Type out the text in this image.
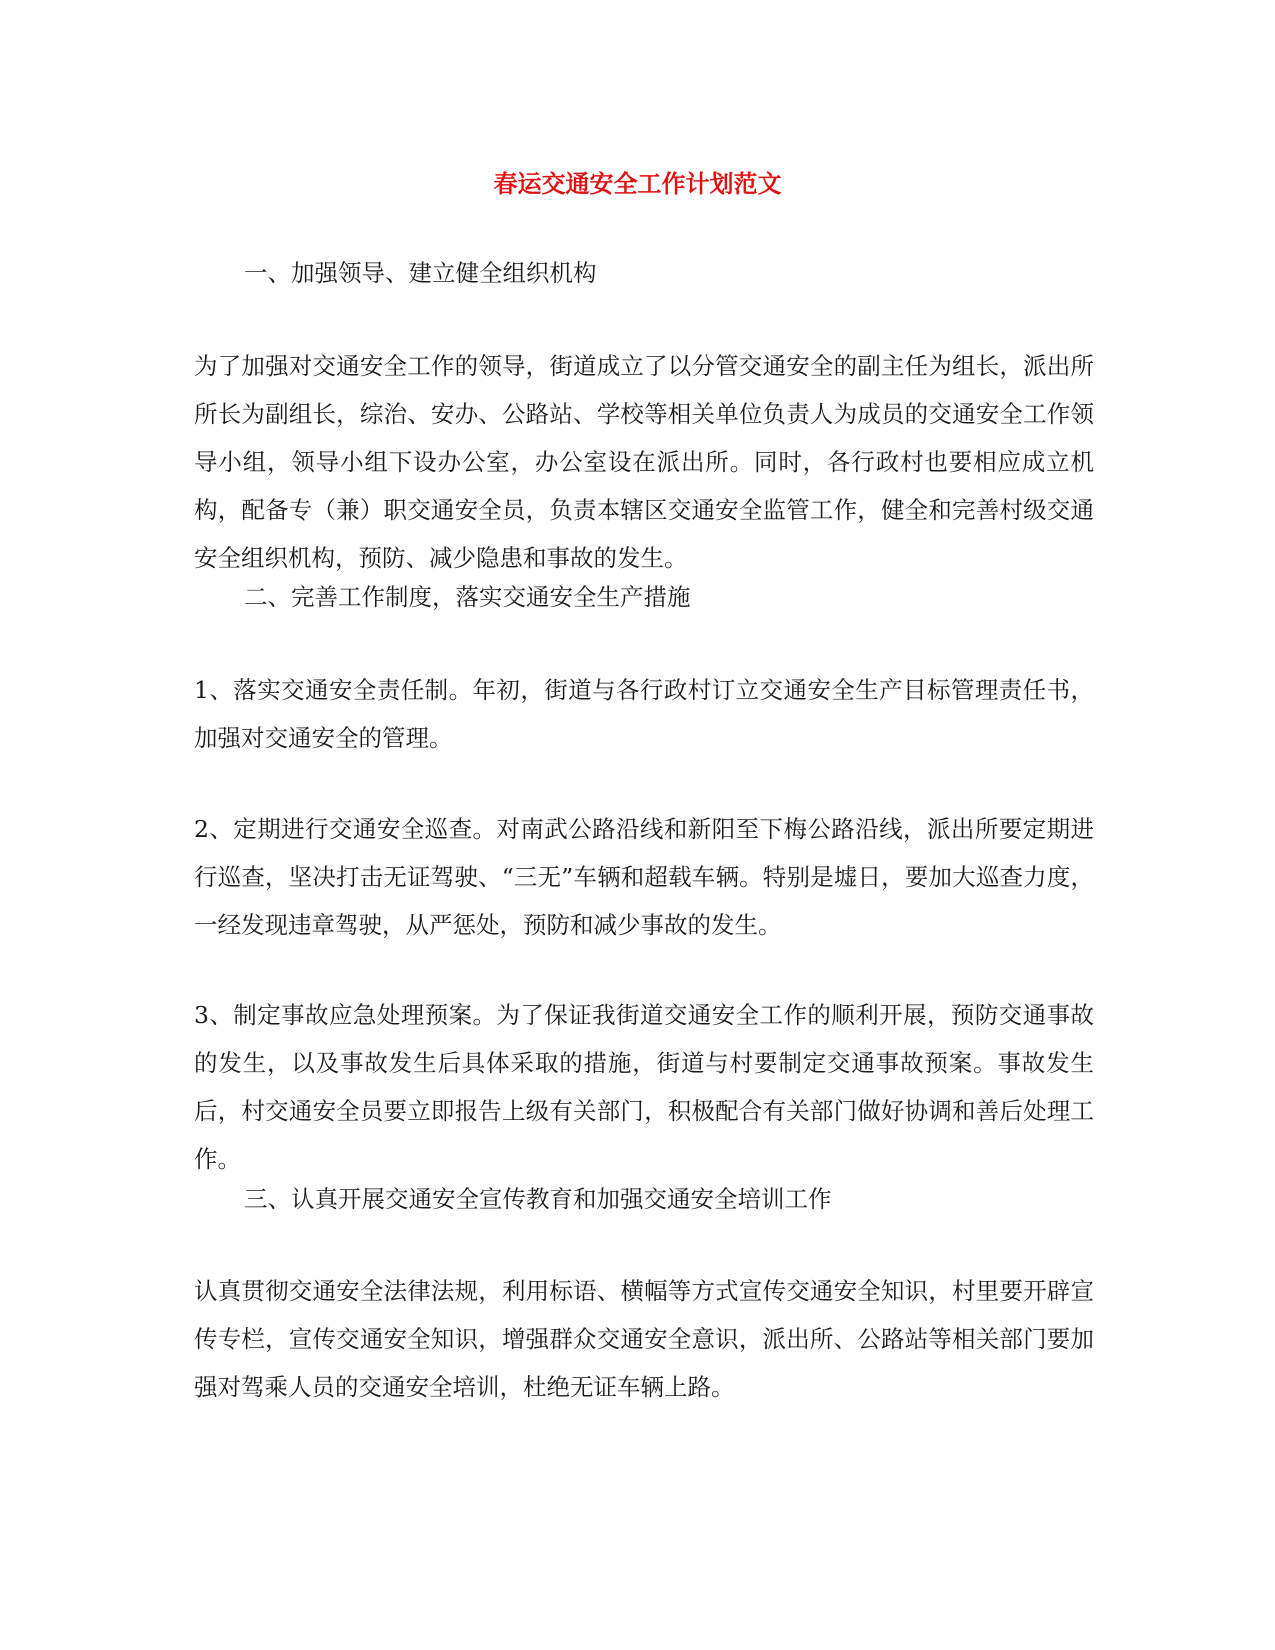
春运交通安全工作计划范文
一、加强领导、建立健全组织机构
为了加强对交通安全工作的领导，街道成立了以分管交通安全的副主任为组长，派出所所长为副组长，综治、安办、公路站、学校等相关单位负责人为成员的交通安全工作领导小组，领导小组下设办公室，办公室设在派出所。同时，各行政村也要相应成立机构，配备专（兼）职交通安全员，负责本辖区交通安全监管工作，健全和完善村级交通安全组织机构，预防、减少隐患和事故的发生。
二、完善工作制度，落实交通安全生产措施
1、落实交通安全责任制。年初，街道与各行政村订立交通安全生产目标管理责任书，加强对交通安全的管理。
2、定期进行交通安全巡查。对南武公路沿线和新阳至下梅公路沿线，派出所要定期进行巡查，坚决打击无证驾驶、“三无”车辆和超载车辆。特别是墟日，要加大巡查力度，一经发现违章驾驶，从严惩处，预防和减少事故的发生。
3、制定事故应急处理预案。为了保证我街道交通安全工作的顺利开展，预防交通事故的发生，以及事故发生后具体采取的措施，街道与村要制定交通事故预案。事故发生后，村交通安全员要立即报告上级有关部门，积极配合有关部门做好协调和善后处理工作。
三、认真开展交通安全宣传教育和加强交通安全培训工作
认真贯彻交通安全法律法规，利用标语、横幅等方式宣传交通安全知识，村里要开辟宣传专栏，宣传交通安全知识，增强群众交通安全意识，派出所、公路站等相关部门要加强对驾乘人员的交通安全培训，杜绝无证车辆上路。
